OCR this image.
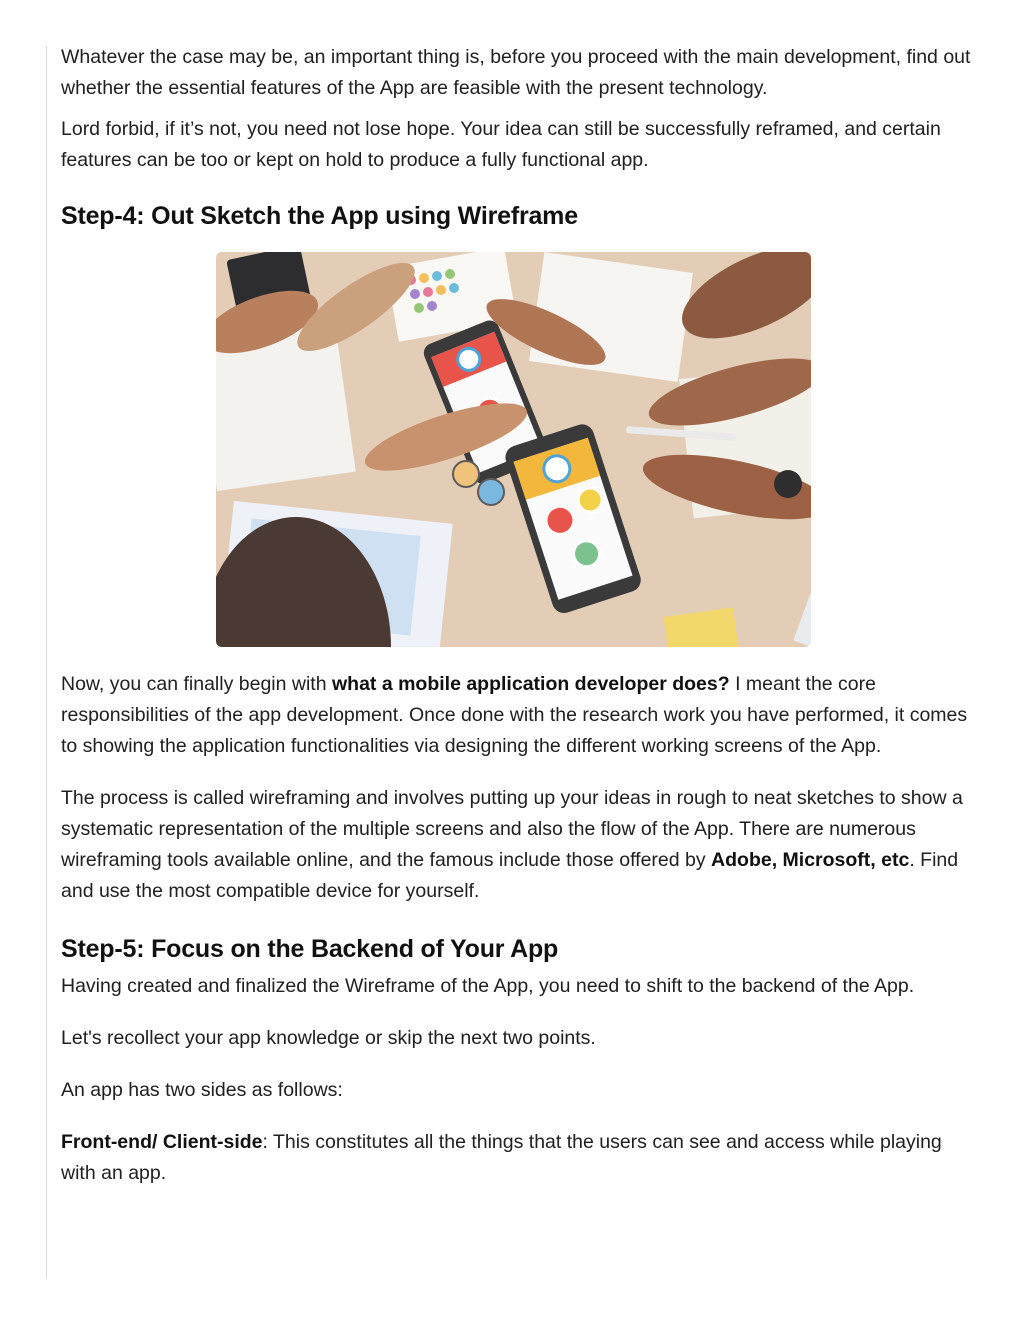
Whatever the case may be, an important thing is, before you proceed with the main development, find out whether the essential features of the App are feasible with the present technology.

Lord forbid, if it’s not, you need not lose hope. Your idea can still be successfully reframed, and certain features can be too or kept on hold to produce a fully functional app.

Step-4: Out Sketch the App using Wireframe

Now, you can finally begin with what a mobile application developer does? I meant the core responsibilities of the app development. Once done with the research work you have performed, it comes to showing the application functionalities via designing the different working screens of the App.

The process is called wireframing and involves putting up your ideas in rough to neat sketches to show a systematic representation of the multiple screens and also the flow of the App. There are numerous wireframing tools available online, and the famous include those offered by Adobe, Microsoft, etc. Find and use the most compatible device for yourself.

Step-5: Focus on the Backend of Your App

Having created and finalized the Wireframe of the App, you need to shift to the backend of the App.

Let's recollect your app knowledge or skip the next two points.

An app has two sides as follows:

Front-end/ Client-side: This constitutes all the things that the users can see and access while playing with an app.
